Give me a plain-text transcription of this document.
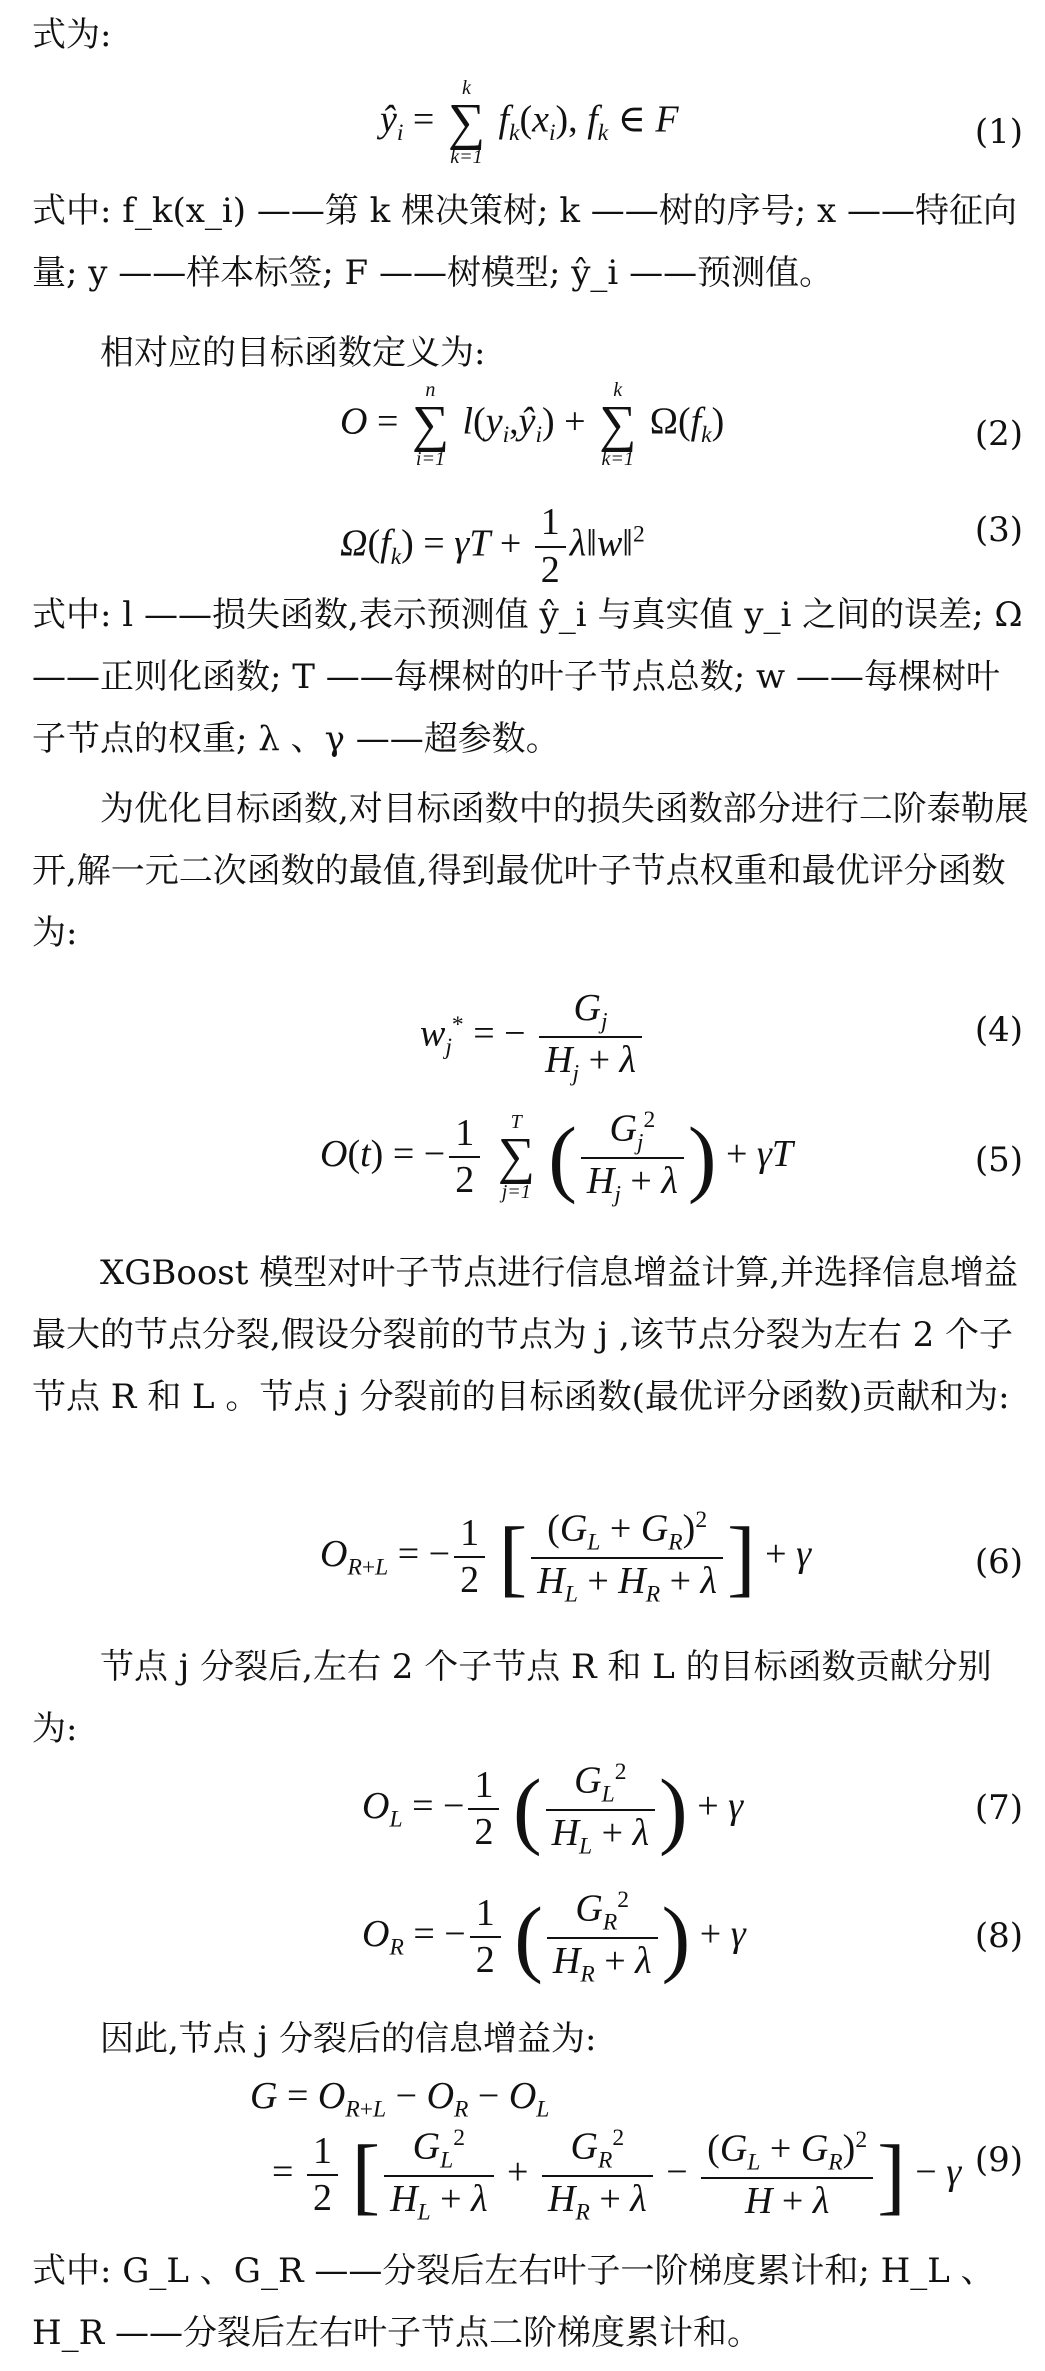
式为:

$ŷ_i$ =
k
∑
k=1
$f_k(x_i)$, $f_k$ ∈ F	(1)

式中: f_k(x_i) ——第 k 棵决策树; k ——树的序号; x ——特征向量; y ——样本标签; F ——树模型; ŷ_i ——预测值。

相对应的目标函数定义为:

O =
n
∑
i=1
$l(y_i,ŷ_i)$ +
k
∑
k=1
$\Omega(f_k)$	(2)
$\Omega(f_k) = \gamma T + \frac{1}{2}$ λ‖w‖$^2$	(3)

式中: l ——损失函数,表示预测值 ŷ_i 与真实值 y_i 之间的误差; Ω ——正则化函数; T ——每棵树的叶子节点总数; w ——每棵树叶子节点的权重; λ 、γ ——超参数。

为优化目标函数,对目标函数中的损失函数部分进行二阶泰勒展开,解一元二次函数的最值,得到最优叶子节点权重和最优评分函数为:

$w_j^*$ = − $\frac{G_j}{H_j + \lambda}$	(4)
O(t) = − $\frac{1}{2}$
	T
∑
j=1 ( $\frac{G_j^2}{H_j + \lambda}$ ) + γT	(5)

XGBoost 模型对叶子节点进行信息增益计算,并选择信息增益最大的节点分裂,假设分裂前的节点为 j ,该节点分裂为左右 2 个子节点 R 和 L 。节点 j 分裂前的目标函数(最优评分函数)贡献和为:

$O_{R+L}$ = − $\frac{1}{2}$ [ $\frac{(G_L + G_R)^2}{H_L + H_R + \lambda}$ ] + γ	(6)

节点 j 分裂后,左右 2 个子节点 R 和 L 的目标函数贡献分别为:

$O_L$ = − $\frac{1}{2}$ ( $\frac{G_L^2}{H_L + \lambda}$ ) + γ	(7)
$O_R$ = − $\frac{1}{2}$ ( $\frac{G_R^2}{H_R + \lambda}$ ) + γ	(8)

因此,节点 j 分裂后的信息增益为:

$G = O_{R+L} - O_R - O_L$
= $\frac{1}{2}$ [ $\frac{G_L^2}{H_L + \lambda} + \frac{G_R^2}{H_R + \lambda} - \frac{(G_L + G_R)^2}{H + \lambda}$ ] − γ (9)

式中: G_L 、G_R ——分裂后左右叶子一阶梯度累计和; H_L 、H_R ——分裂后左右叶子节点二阶梯度累计和。
